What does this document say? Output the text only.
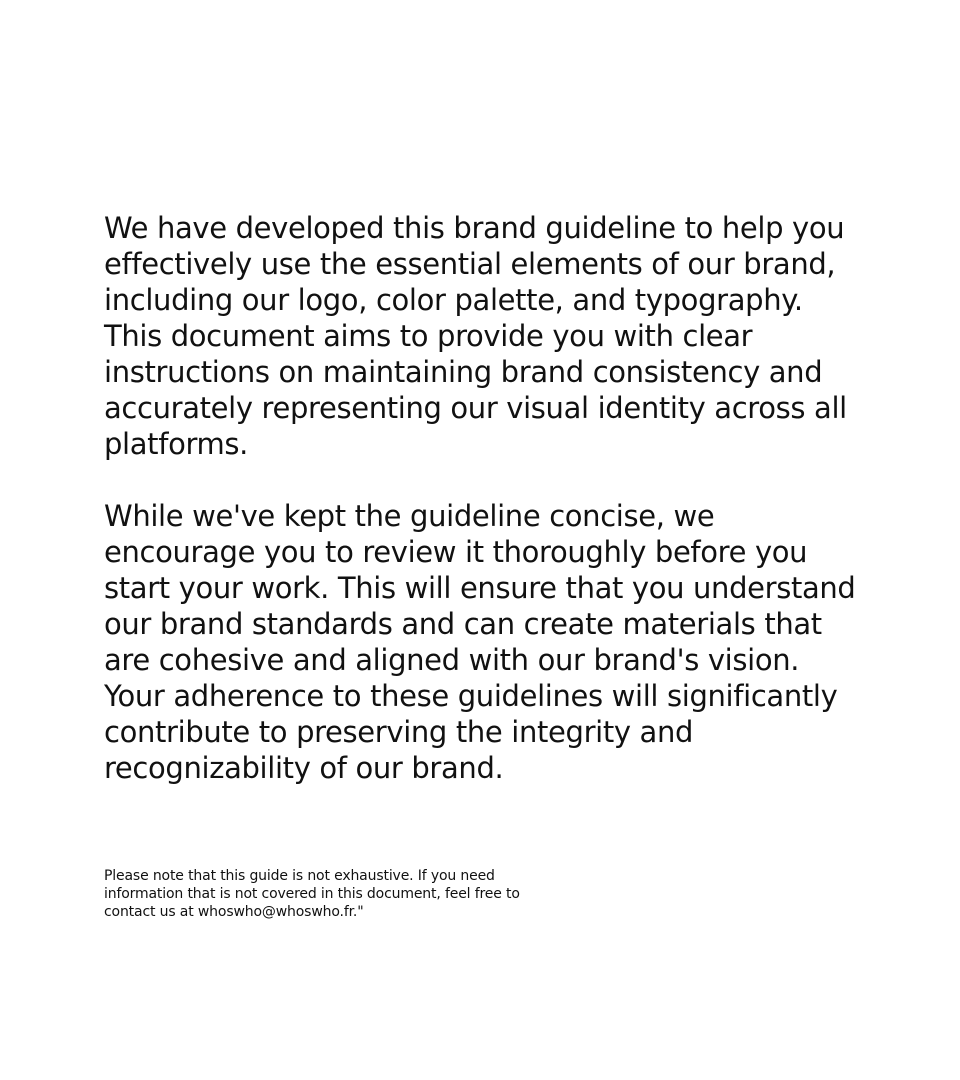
We have developed this brand guideline to help you effectively use the essential elements of our brand, including our logo, color palette, and typography. This document aims to provide you with clear instructions on maintaining brand consistency and accurately representing our visual identity across all platforms.

While we've kept the guideline concise, we encourage you to review it thoroughly before you start your work. This will ensure that you understand our brand standards and can create materials that are cohesive and aligned with our brand's vision. Your adherence to these guidelines will significantly contribute to preserving the integrity and recognizability of our brand.

Please note that this guide is not exhaustive. If you need information that is not covered in this document, feel free to contact us at whoswho@whoswho.fr."
